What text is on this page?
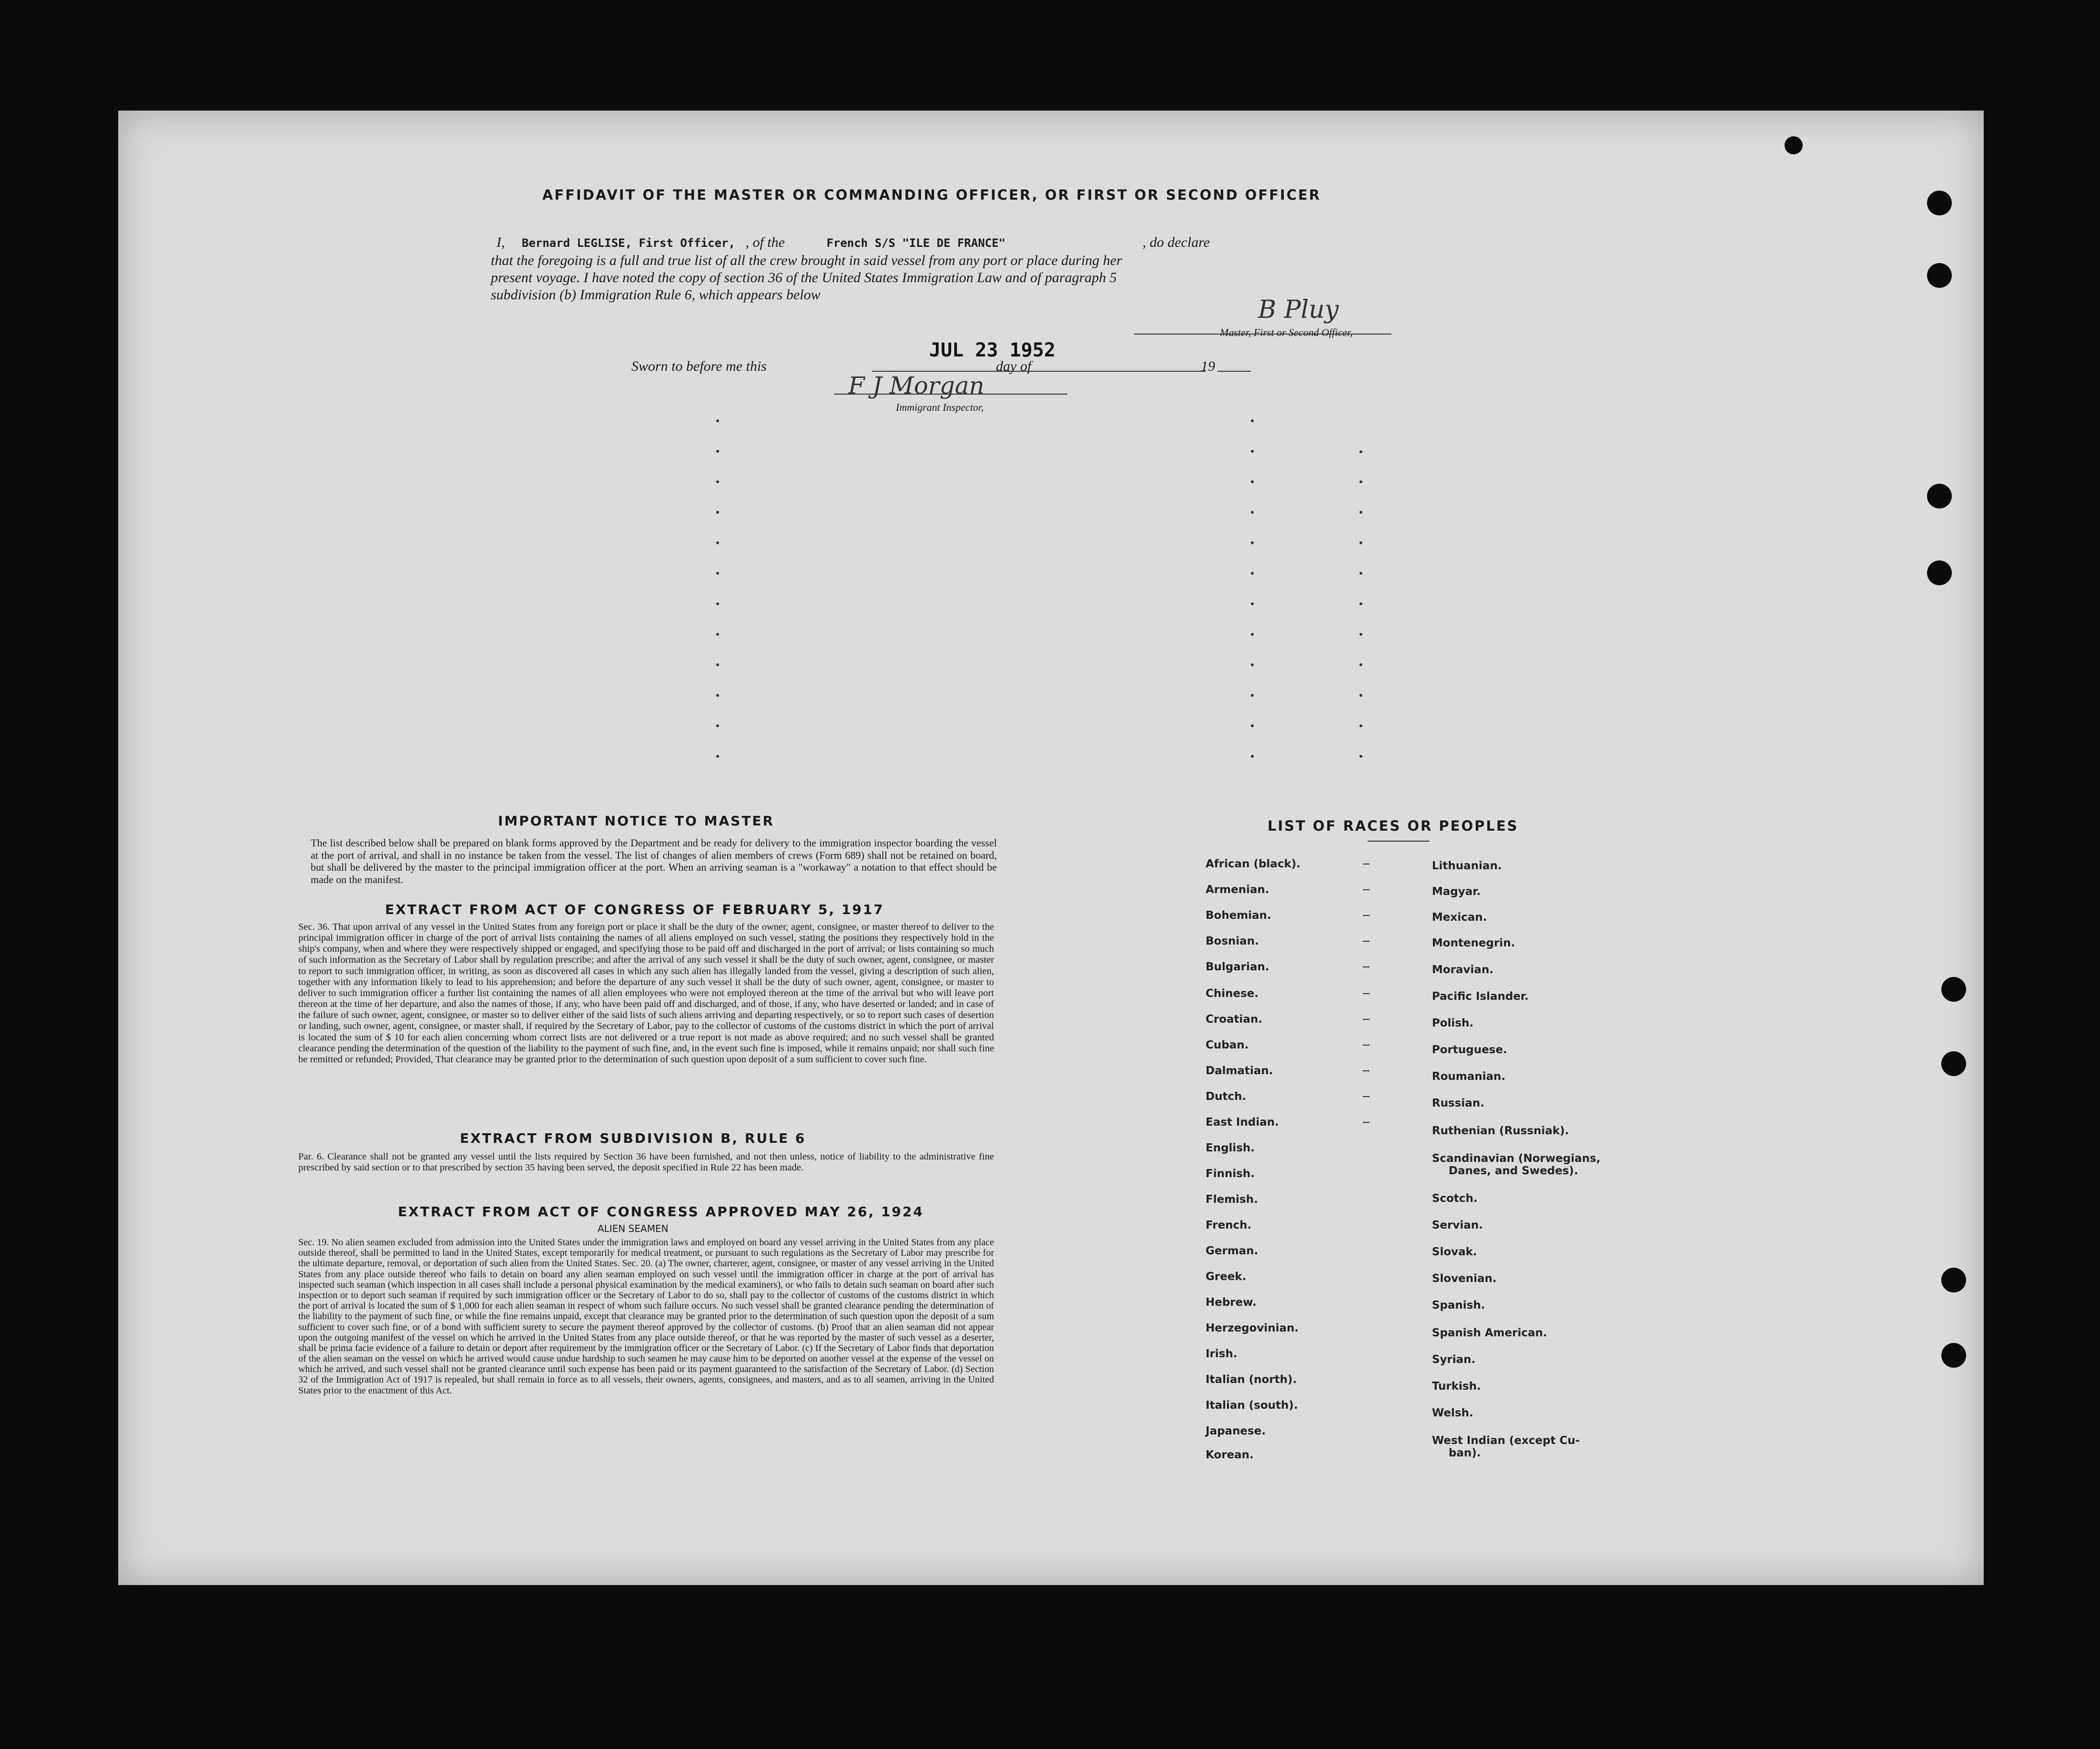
AFFIDAVIT OF THE MASTER OR COMMANDING OFFICER, OR FIRST OR SECOND OFFICER
I, Bernard LEGLISE, First Officer, , of the	French S/S "ILE DE FRANCE"	, do declare
that the foregoing is a full and true list of all the crew brought in said vessel from any port or place during her
present voyage. I have noted the copy of section 36 of the United States Immigration Law and of paragraph 5
subdivision (b) Immigration Rule 6, which appears below
B Pluy
Master, First or Second Officer,
Sworn to before me this
JUL 23 1952
day of	19
F J Morgan
Immigrant Inspector,
IMPORTANT NOTICE TO MASTER
The list described below shall be prepared on blank forms approved by the Department and be ready for delivery to the immigration inspector boarding the vessel at the port of arrival, and shall in no instance be taken from the vessel. The list of changes of alien members of crews (Form 689) shall not be retained on board, but shall be delivered by the master to the principal immigration officer at the port. When an arriving seaman is a "workaway" a notation to that effect should be made on the manifest.
EXTRACT FROM ACT OF CONGRESS OF FEBRUARY 5, 1917
Sec. 36. That upon arrival of any vessel in the United States from any foreign port or place it shall be the duty of the owner, agent, consignee, or master thereof to deliver to the principal immigration officer in charge of the port of arrival lists containing the names of all aliens employed on such vessel, stating the positions they respectively hold in the ship's company, when and where they were respectively shipped or engaged, and specifying those to be paid off and discharged in the port of arrival; or lists containing so much of such information as the Secretary of Labor shall by regulation prescribe; and after the arrival of any such vessel it shall be the duty of such owner, agent, consignee, or master to report to such immigration officer, in writing, as soon as discovered all cases in which any such alien has illegally landed from the vessel, giving a description of such alien, together with any information likely to lead to his apprehension; and before the departure of any such vessel it shall be the duty of such owner, agent, consignee, or master to deliver to such immigration officer a further list containing the names of all alien employees who were not employed thereon at the time of the arrival but who will leave port thereon at the time of her departure, and also the names of those, if any, who have been paid off and discharged, and of those, if any, who have deserted or landed; and in case of the failure of such owner, agent, consignee, or master so to deliver either of the said lists of such aliens arriving and departing respectively, or so to report such cases of desertion or landing, such owner, agent, consignee, or master shall, if required by the Secretary of Labor, pay to the collector of customs of the customs district in which the port of arrival is located the sum of $ 10 for each alien concerning whom correct lists are not delivered or a true report is not made as above required; and no such vessel shall be granted clearance pending the determination of the question of the liability to the payment of such fine, and, in the event such fine is imposed, while it remains unpaid; nor shall such fine be remitted or refunded; Provided, That clearance may be granted prior to the determination of such question upon deposit of a sum sufficient to cover such fine.
EXTRACT FROM SUBDIVISION B, RULE 6
Par. 6. Clearance shall not be granted any vessel until the lists required by Section 36 have been furnished, and not then unless, notice of liability to the administrative fine prescribed by said section or to that prescribed by section 35 having been served, the deposit specified in Rule 22 has been made.
EXTRACT FROM ACT OF CONGRESS APPROVED MAY 26, 1924
ALIEN SEAMEN
Sec. 19. No alien seamen excluded from admission into the United States under the immigration laws and employed on board any vessel arriving in the United States from any place outside thereof, shall be permitted to land in the United States, except temporarily for medical treatment, or pursuant to such regulations as the Secretary of Labor may prescribe for the ultimate departure, removal, or deportation of such alien from the United States. Sec. 20. (a) The owner, charterer, agent, consignee, or master of any vessel arriving in the United States from any place outside thereof who fails to detain on board any alien seaman employed on such vessel until the immigration officer in charge at the port of arrival has inspected such seaman (which inspection in all cases shall include a personal physical examination by the medical examiners), or who fails to detain such seaman on board after such inspection or to deport such seaman if required by such immigration officer or the Secretary of Labor to do so, shall pay to the collector of customs of the customs district in which the port of arrival is located the sum of $ 1,000 for each alien seaman in respect of whom such failure occurs. No such vessel shall be granted clearance pending the determination of the liability to the payment of such fine, or while the fine remains unpaid, except that clearance may be granted prior to the determination of such question upon the deposit of a sum sufficient to cover such fine, or of a bond with sufficient surety to secure the payment thereof approved by the collector of customs. (b) Proof that an alien seaman did not appear upon the outgoing manifest of the vessel on which he arrived in the United States from any place outside thereof, or that he was reported by the master of such vessel as a deserter, shall be prima facie evidence of a failure to detain or deport after requirement by the immigration officer or the Secretary of Labor. (c) If the Secretary of Labor finds that deportation of the alien seaman on the vessel on which he arrived would cause undue hardship to such seamen he may cause him to be deported on another vessel at the expense of the vessel on which he arrived, and such vessel shall not be granted clearance until such expense has been paid or its payment guaranteed to the satisfaction of the Secretary of Labor. (d) Section 32 of the Immigration Act of 1917 is repealed, but shall remain in force as to all vessels, their owners, agents, consignees, and masters, and as to all seamen, arriving in the United States prior to the enactment of this Act.
LIST OF RACES OR PEOPLES
African (black).
Armenian.
Bohemian.
Bosnian.
Bulgarian.
Chinese.
Croatian.
Cuban.
Dalmatian.
Dutch.
East Indian.
English.
Finnish.
Flemish.
French.
German.
Greek.
Hebrew.
Herzegovinian.
Irish.
Italian (north).
Italian (south).
Japanese.
Korean.
Lithuanian.
Magyar.
Mexican.
Montenegrin.
Moravian.
Pacific Islander.
Polish.
Portuguese.
Roumanian.
Russian.
Ruthenian (Russniak).
Scandinavian (Norwegians,
Danes, and Swedes).
Scotch.
Servian.
Slovak.
Slovenian.
Spanish.
Spanish American.
Syrian.
Turkish.
Welsh.
West Indian (except Cu-
ban).
